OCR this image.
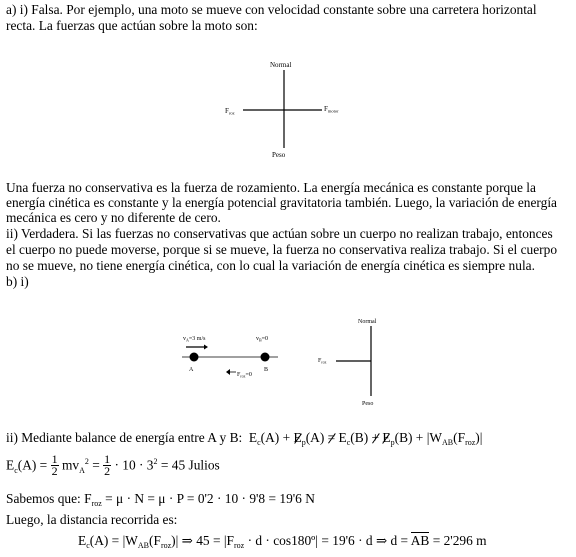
a) i) Falsa. Por ejemplo, una moto se mueve con velocidad constante sobre una carretera horizontal
recta. La fuerzas que actúan sobre la moto son:
Normal
$F_{roz}$	$F_{motor}$
Peso
Una fuerza no conservativa es la fuerza de rozamiento. La energía mecánica es constante porque la
energía cinética es constante y la energía potencial gravitatoria también. Luego, la variación de energía
mecánica es cero y no diferente de cero.
ii) Verdadera. Si las fuerzas no conservativas que actúan sobre un cuerpo no realizan trabajo, entonces
el cuerpo no puede moverse, porque si se mueve, la fuerza no conservativa realiza trabajo. Si el cuerpo
no se mueve, no tiene energía cinética, con lo cual la variación de energía cinética es siempre nula.
b) i)
$v_A=3$ m/s	$v_B=0$
A	B
$F_{roz}=0$
Normal
$F_{roz}$
Peso
ii) Mediante balance de energía entre A y B:  $E_c(A) + E_p(A) = E_c(B) + E_p(B) + |W_{AB}(F_{roz})|$
$E_c(A) = \frac{1}{2} mv_A^2 = \frac{1}{2} \cdot 10 \cdot 3^2 = 45$ Julios
Sabemos que: $F_{roz} = \mu \cdot N = \mu \cdot P = 0'2 \cdot 10 \cdot 9'8 = 19'6$ N
Luego, la distancia recorrida es:
$E_c(A) = |W_{AB}(F_{roz})|$ ⇒ $45 = |F_{roz} \cdot d$ · cos180º| = 19'6 · d ⇒ d = AB = 2'296 m
